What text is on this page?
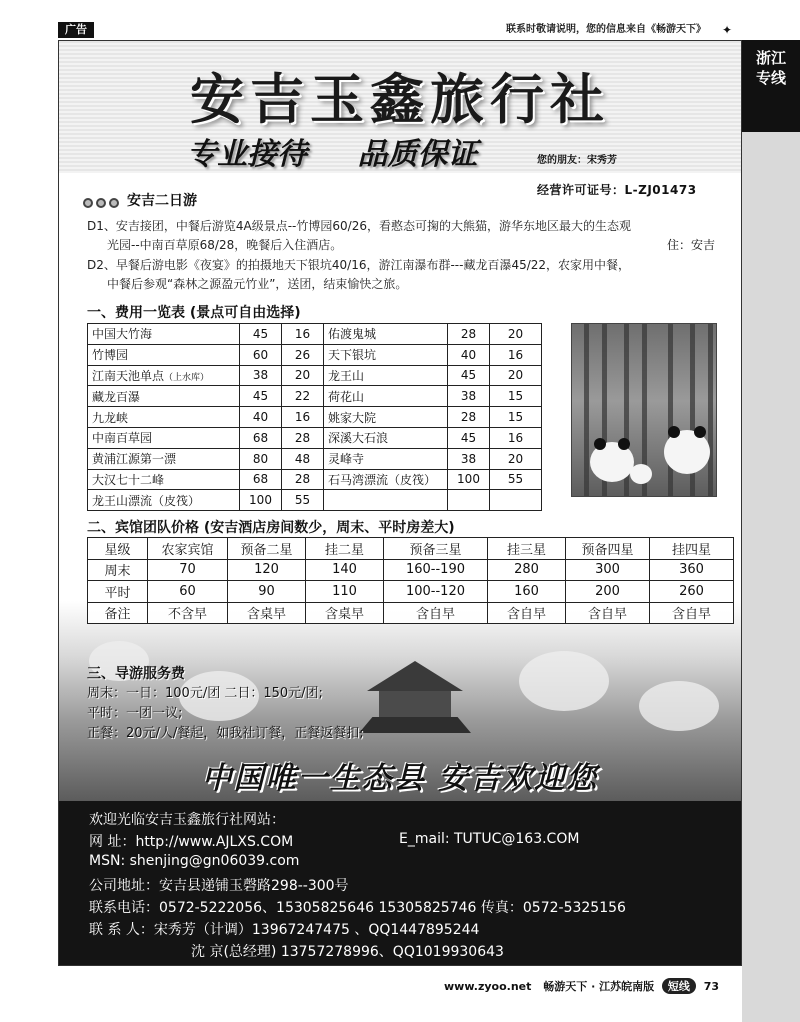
广告	联系时敬请说明，您的信息来自《畅游天下》	✦
浙江
专线
安吉玉鑫旅行社
专业接待 品质保证	您的朋友：宋秀芳
经营许可证号：L-ZJ01473
安吉二日游
D1、安吉接团，中餐后游览4A级景点--竹博园60/26，看憨态可掬的大熊猫，游华东地区最大的生态观
光园--中南百草原68/28，晚餐后入住酒店。	住：安吉
D2、早餐后游电影《夜宴》的拍摄地天下银坑40/16，游江南瀑布群---藏龙百瀑45/22，农家用中餐，
中餐后参观“森林之源盈元竹业”，送团，结束愉快之旅。
一、费用一览表 (景点可自由选择)
中国大竹海	45	16	佑渡鬼城	28	20
竹博园	60	26	天下银坑	40	16
江南天池单点（上水库）	38	20	龙王山	45	20
藏龙百瀑	45	22	荷花山	38	15
九龙峡	40	16	姚家大院	28	15
中南百草园	68	28	深溪大石浪	45	16
黄浦江源第一漂	80	48	灵峰寺	38	20
大汉七十二峰	68	28	石马湾漂流（皮筏）	100	55
龙王山漂流（皮筏）	100	55			
二、宾馆团队价格 (安吉酒店房间数少，周末、平时房差大)
星级	农家宾馆	预备二星	挂二星	预备三星	挂三星	预备四星	挂四星
周末	70	120	140	160--190	280	300	360
平时	60	90	110	100--120	160	200	260
备注	不含早	含桌早	含桌早	含自早	含自早	含自早	含自早
三、导游服务费
周末：一日：100元/团 二日：150元/团;
平时：一团一议;
正餐：20元/人/餐起，如我社订餐，正餐返餐扣;
中国唯一生态县 安吉欢迎您
欢迎光临安吉玉鑫旅行社网站：
网 址：http://www.AJLXS.COM	E_mail: TUTUC@163.COM
MSN: shenjing@gn06039.com
公司地址：安吉县递铺玉磬路298--300号
联系电话：0572-5222056、15305825646 15305825746 传真：0572-5325156
联 系 人：宋秀芳（计调）13967247475 、QQ1447895244
沈 京(总经理) 13757278996、QQ1019930643
www.zyoo.net 畅游天下 · 江苏皖南版 短线 73
